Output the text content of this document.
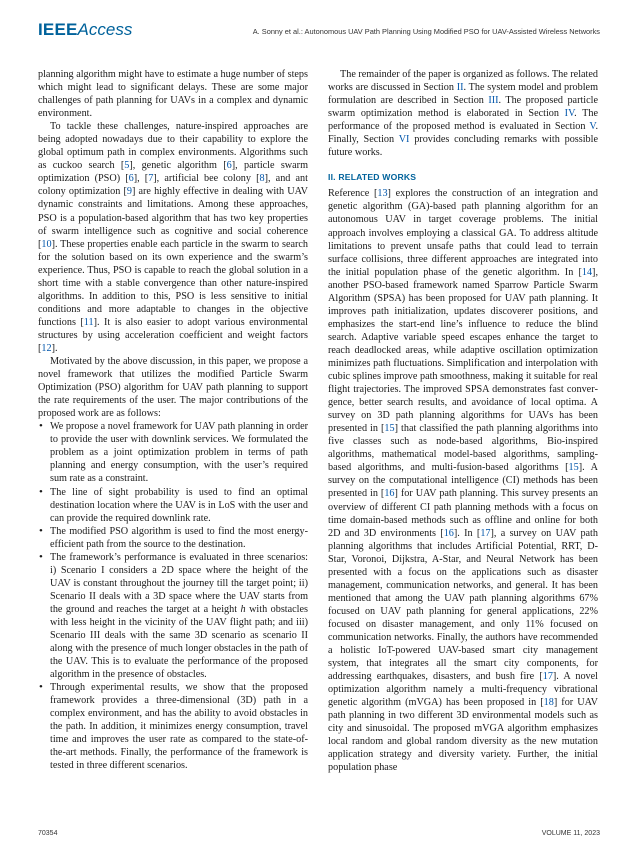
IEEEAccess	A. Sonny et al.: Autonomous UAV Path Planning Using Modified PSO for UAV-Assisted Wireless Networks

planning algorithm might have to estimate a huge number of steps which might lead to significant delays. These are some major challenges of path planning for UAVs in a complex and dynamic environment.

To tackle these challenges, nature-inspired approaches are being adopted nowadays due to their capability to explore the global optimum path in complex environments. Algorithms such as cuckoo search [5], genetic algorithm [6], particle swarm optimization (PSO) [6], [7], artificial bee colony [8], and ant colony optimization [9] are highly effective in dealing with UAV dynamic constraints and limitations. Among these approaches, PSO is a population-based algorithm that has two key properties of swarm intelligence such as cognitive and social coherence [10]. These properties enable each particle in the swarm to search for the solution based on its own experience and the swarm’s experience. Thus, PSO is capable to reach the global solution in a short time with a stable convergence than other nature-inspired algorithms. In addition to this, PSO is less sensitive to initial conditions and more adaptable to changes in the objective functions [11]. It is also easier to adopt various environmental structures by using acceleration coefficient and weight factors [12].

Motivated by the above discussion, in this paper, we propose a novel framework that utilizes the modified Particle Swarm Optimization (PSO) algorithm for UAV path planning to support the rate requirements of the user. The major contributions of the proposed work are as follows:

• We propose a novel framework for UAV path planning in order to provide the user with downlink services. We formulated the problem as a joint optimization problem in terms of path planning and energy consumption, with the user’s required sum rate as a constraint.
• The line of sight probability is used to find an optimal destination location where the UAV is in LoS with the user and can provide the required downlink rate.
• The modified PSO algorithm is used to find the most energy-efficient path from the source to the destination.
• The framework’s performance is evaluated in three scenarios: i) Scenario I considers a 2D space where the height of the UAV is constant throughout the journey till the target point; ii) Scenario II deals with a 3D space where the UAV starts from the ground and reaches the target at a height h with obstacles with less height in the vicinity of the UAV flight path; and iii) Scenario III deals with the same 3D scenario as scenario II along with the presence of much longer obstacles in the path of the UAV. This is to evaluate the performance of the proposed algorithm in the presence of obstacles.
• Through experimental results, we show that the proposed framework provides a three-dimensional (3D) path in a complex environment, and has the ability to avoid obstacles in the path. In addition, it minimizes energy consumption, travel time and improves the user rate as compared to the state-of-the-art methods. Finally, the performance of the framework is tested in three different scenarios.

The remainder of the paper is organized as follows. The related works are discussed in Section II. The system model and problem formulation are described in Section III. The proposed particle swarm optimization method is elaborated in Section IV. The performance of the proposed method is evaluated in Section V. Finally, Section VI provides concluding remarks with possible future works.

II. RELATED WORKS

Reference [13] explores the construction of an integration and genetic algorithm (GA)-based path planning algorithm for an autonomous UAV in target coverage problems. The initial approach involves employing a classical GA. To address altitude limitations to prevent unsafe paths that could lead to terrain surface collisions, three different approaches are integrated into the initial population phase of the genetic algorithm. In [14], another PSO-based framework named Sparrow Particle Swarm Algorithm (SPSA) has been proposed for UAV path planning. It improves path initialization, updates discoverer positions, and emphasizes the start-end line’s influence to reduce the blind search. Adaptive variable speed escapes enhance the target to reach deadlocked areas, while adaptive oscillation optimization minimizes path fluctuations. Simplification and interpolation with cubic splines improve path smoothness, making it suitable for real flight trajectories. The improved SPSA demonstrates fast convergence, better search results, and avoidance of local optima. A survey on 3D path planning algorithms for UAVs has been presented in [15] that classified the path planning algorithms into five classes such as node-based algorithms, Bio-inspired algorithms, mathematical model-based algorithms, sampling-based algorithms, and multi-fusion-based algorithms [15]. A survey on the computational intelligence (CI) methods has been presented in [16] for UAV path planning. This survey presents an overview of different CI path planning methods with a focus on time domain-based methods such as offline and online for both 2D and 3D environments [16]. In [17], a survey on UAV path planning algorithms that includes Artificial Potential, RRT, D-Star, Voronoi, Dijkstra, A-Star, and Neural Network has been presented with a focus on the applications such as disaster management, communication networks, and general. It has been mentioned that among the UAV path planning algorithms 67% focused on UAV path planning for general applications, 22% focused on disaster management, and only 11% focused on communication networks. Finally, the authors have recommended a holistic IoT-powered UAV-based smart city management system, that integrates all the smart city components, for addressing earthquakes, disasters, and bush fire [17]. A novel optimization algorithm namely a multi-frequency vibrational genetic algorithm (mVGA) has been proposed in [18] for UAV path planning in two different 3D environmental models such as city and sinusoidal. The proposed mVGA algorithm emphasizes local random and global random diversity as the new mutation application strategy and diversity variety. Further, the initial population phase

70354	VOLUME 11, 2023
